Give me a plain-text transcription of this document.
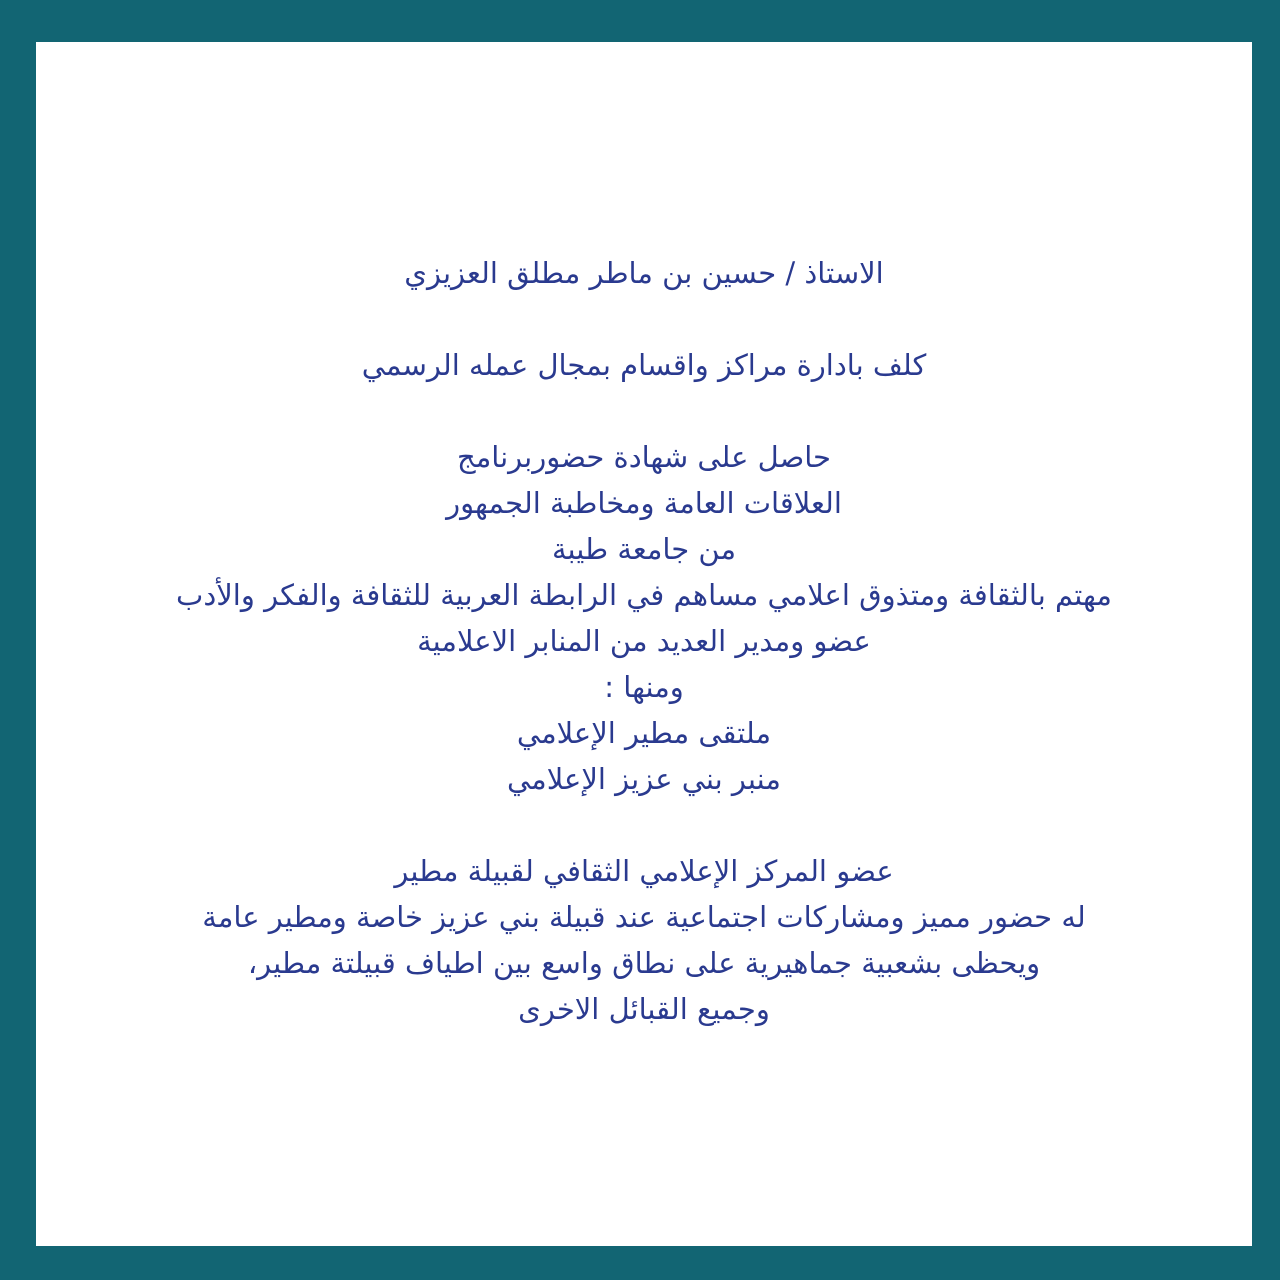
الاستاذ / حسين بن ماطر مطلق العزيزي
كلف بادارة مراكز واقسام بمجال عمله الرسمي
حاصل على شهادة حضوربرنامج
العلاقات العامة ومخاطبة الجمهور
من جامعة طيبة
مهتم بالثقافة ومتذوق اعلامي مساهم في الرابطة العربية للثقافة والفكر والأدب
عضو ومدير العديد من المنابر الاعلامية
ومنها :
ملتقى مطير الإعلامي
منبر بني عزيز الإعلامي
عضو المركز الإعلامي الثقافي لقبيلة مطير
له حضور مميز ومشاركات اجتماعية عند قبيلة بني عزيز خاصة ومطير عامة
ويحظى بشعبية جماهيرية على نطاق واسع بين اطياف قبيلتة مطير،
وجميع القبائل الاخرى
